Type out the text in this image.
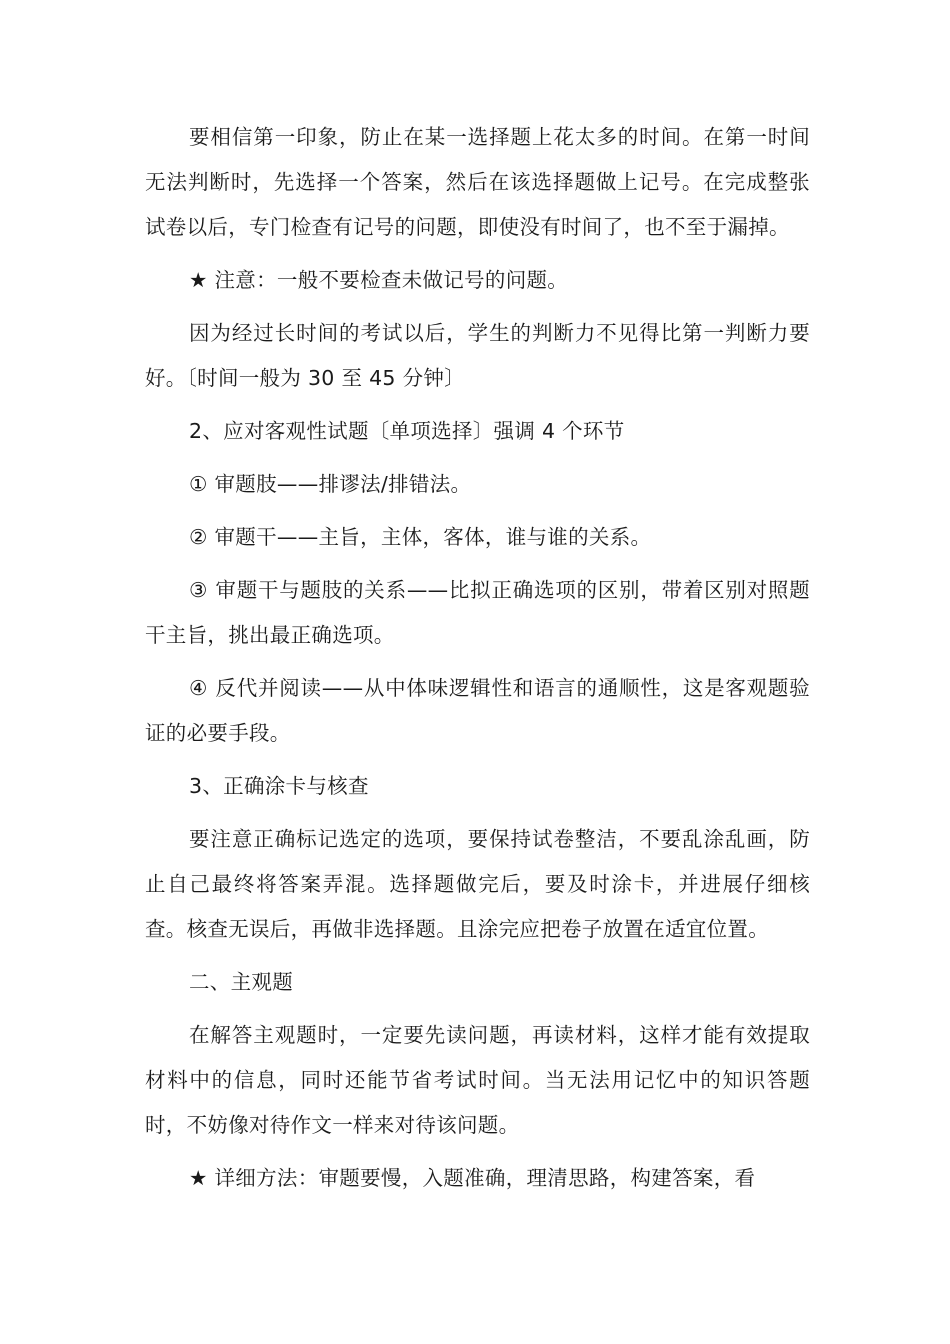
要相信第一印象，防止在某一选择题上花太多的时间。在第一时间无法判断时，先选择一个答案，然后在该选择题做上记号。在完成整张试卷以后，专门检查有记号的问题，即使没有时间了，也不至于漏掉。

★ 注意：一般不要检查未做记号的问题。

因为经过长时间的考试以后，学生的判断力不见得比第一判断力要好。〔时间一般为 30 至 45 分钟〕

2、应对客观性试题〔单项选择〕强调 4 个环节

① 审题肢——排谬法/排错法。

② 审题干——主旨，主体，客体，谁与谁的关系。

③ 审题干与题肢的关系——比拟正确选项的区别，带着区别对照题干主旨，挑出最正确选项。

④ 反代并阅读——从中体味逻辑性和语言的通顺性，这是客观题验证的必要手段。

3、正确涂卡与核查

要注意正确标记选定的选项，要保持试卷整洁，不要乱涂乱画，防止自己最终将答案弄混。选择题做完后，要及时涂卡，并进展仔细核查。核查无误后，再做非选择题。且涂完应把卷子放置在适宜位置。

二、主观题

在解答主观题时，一定要先读问题，再读材料，这样才能有效提取材料中的信息，同时还能节省考试时间。当无法用记忆中的知识答题时，不妨像对待作文一样来对待该问题。

★ 详细方法：审题要慢，入题准确，理清思路，构建答案，看
